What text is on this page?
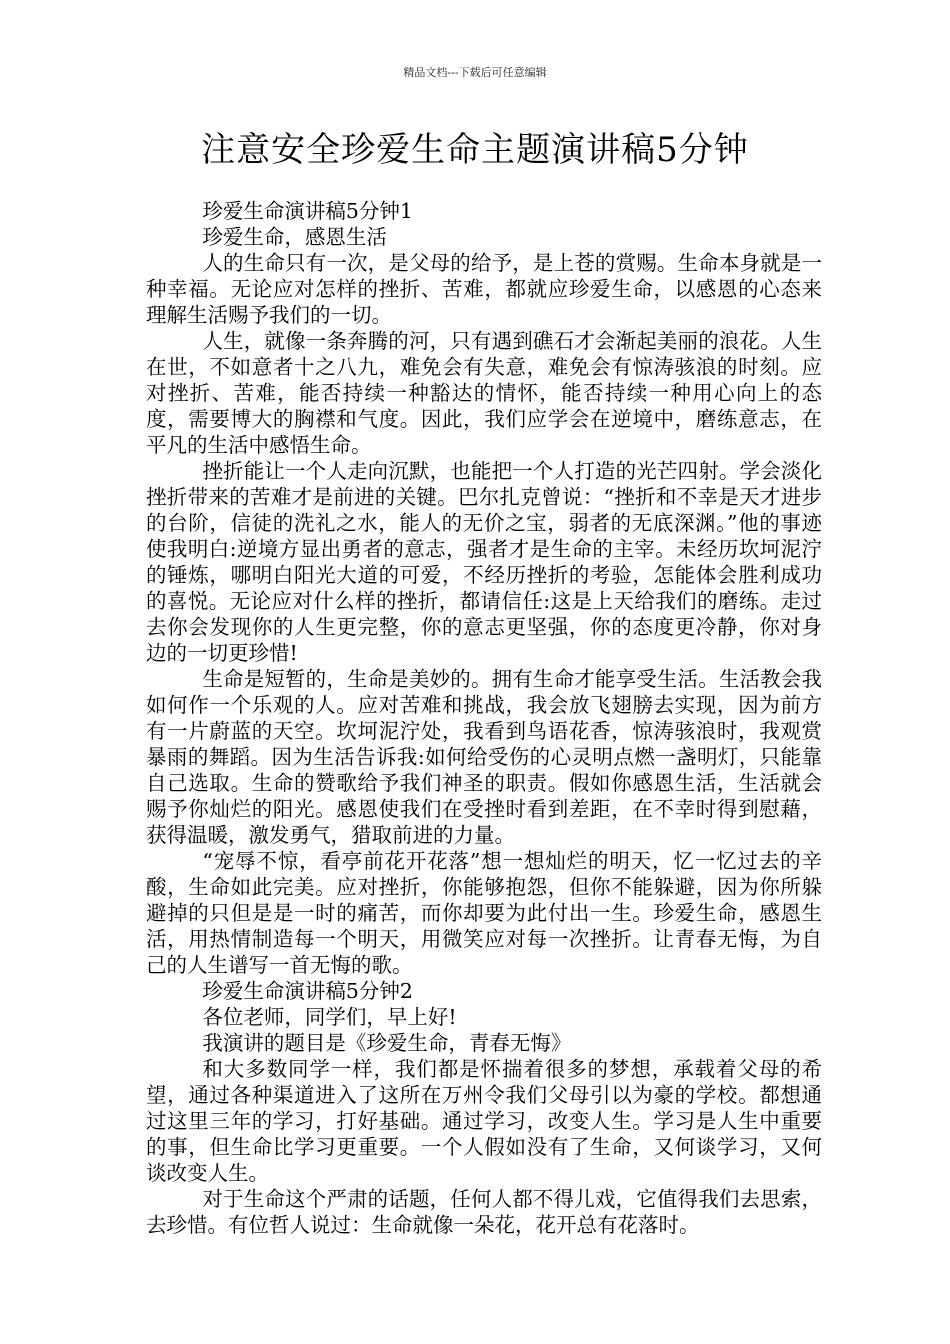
精品文档---下载后可任意编辑
注意安全珍爱生命主题演讲稿5分钟

珍爱生命演讲稿5分钟1

珍爱生命，感恩生活

人的生命只有一次，是父母的给予，是上苍的赏赐。生命本身就是一种幸福。无论应对怎样的挫折、苦难，都就应珍爱生命，以感恩的心态来理解生活赐予我们的一切。

人生，就像一条奔腾的河，只有遇到礁石才会渐起美丽的浪花。人生在世，不如意者十之八九，难免会有失意，难免会有惊涛骇浪的时刻。应对挫折、苦难，能否持续一种豁达的情怀，能否持续一种用心向上的态度，需要博大的胸襟和气度。因此，我们应学会在逆境中，磨练意志，在平凡的生活中感悟生命。

挫折能让一个人走向沉默，也能把一个人打造的光芒四射。学会淡化挫折带来的苦难才是前进的关键。巴尔扎克曾说：“挫折和不幸是天才进步的台阶，信徒的洗礼之水，能人的无价之宝，弱者的无底深渊。”他的事迹使我明白:逆境方显出勇者的意志，强者才是生命的主宰。未经历坎坷泥泞的锤炼，哪明白阳光大道的可爱，不经历挫折的考验，怎能体会胜利成功的喜悦。无论应对什么样的挫折，都请信任:这是上天给我们的磨练。走过去你会发现你的人生更完整，你的意志更坚强，你的态度更冷静，你对身边的一切更珍惜!

生命是短暂的，生命是美妙的。拥有生命才能享受生活。生活教会我如何作一个乐观的人。应对苦难和挑战，我会放飞翅膀去实现，因为前方有一片蔚蓝的天空。坎坷泥泞处，我看到鸟语花香，惊涛骇浪时，我观赏暴雨的舞蹈。因为生活告诉我:如何给受伤的心灵明点燃一盏明灯，只能靠自己选取。生命的赞歌给予我们神圣的职责。假如你感恩生活，生活就会赐予你灿烂的阳光。感恩使我们在受挫时看到差距，在不幸时得到慰藉，获得温暖，激发勇气，猎取前进的力量。

“宠辱不惊，看亭前花开花落”想一想灿烂的明天，忆一忆过去的辛酸，生命如此完美。应对挫折，你能够抱怨，但你不能躲避，因为你所躲避掉的只但是是一时的痛苦，而你却要为此付出一生。珍爱生命，感恩生活，用热情制造每一个明天，用微笑应对每一次挫折。让青春无悔，为自己的人生谱写一首无悔的歌。

珍爱生命演讲稿5分钟2

各位老师，同学们，早上好!

我演讲的题目是《珍爱生命，青春无悔》

和大多数同学一样，我们都是怀揣着很多的梦想，承载着父母的希望，通过各种渠道进入了这所在万州令我们父母引以为豪的学校。都想通过这里三年的学习，打好基础。通过学习，改变人生。学习是人生中重要的事，但生命比学习更重要。一个人假如没有了生命，又何谈学习，又何谈改变人生。

对于生命这个严肃的话题，任何人都不得儿戏，它值得我们去思索，去珍惜。有位哲人说过：生命就像一朵花，花开总有花落时。
